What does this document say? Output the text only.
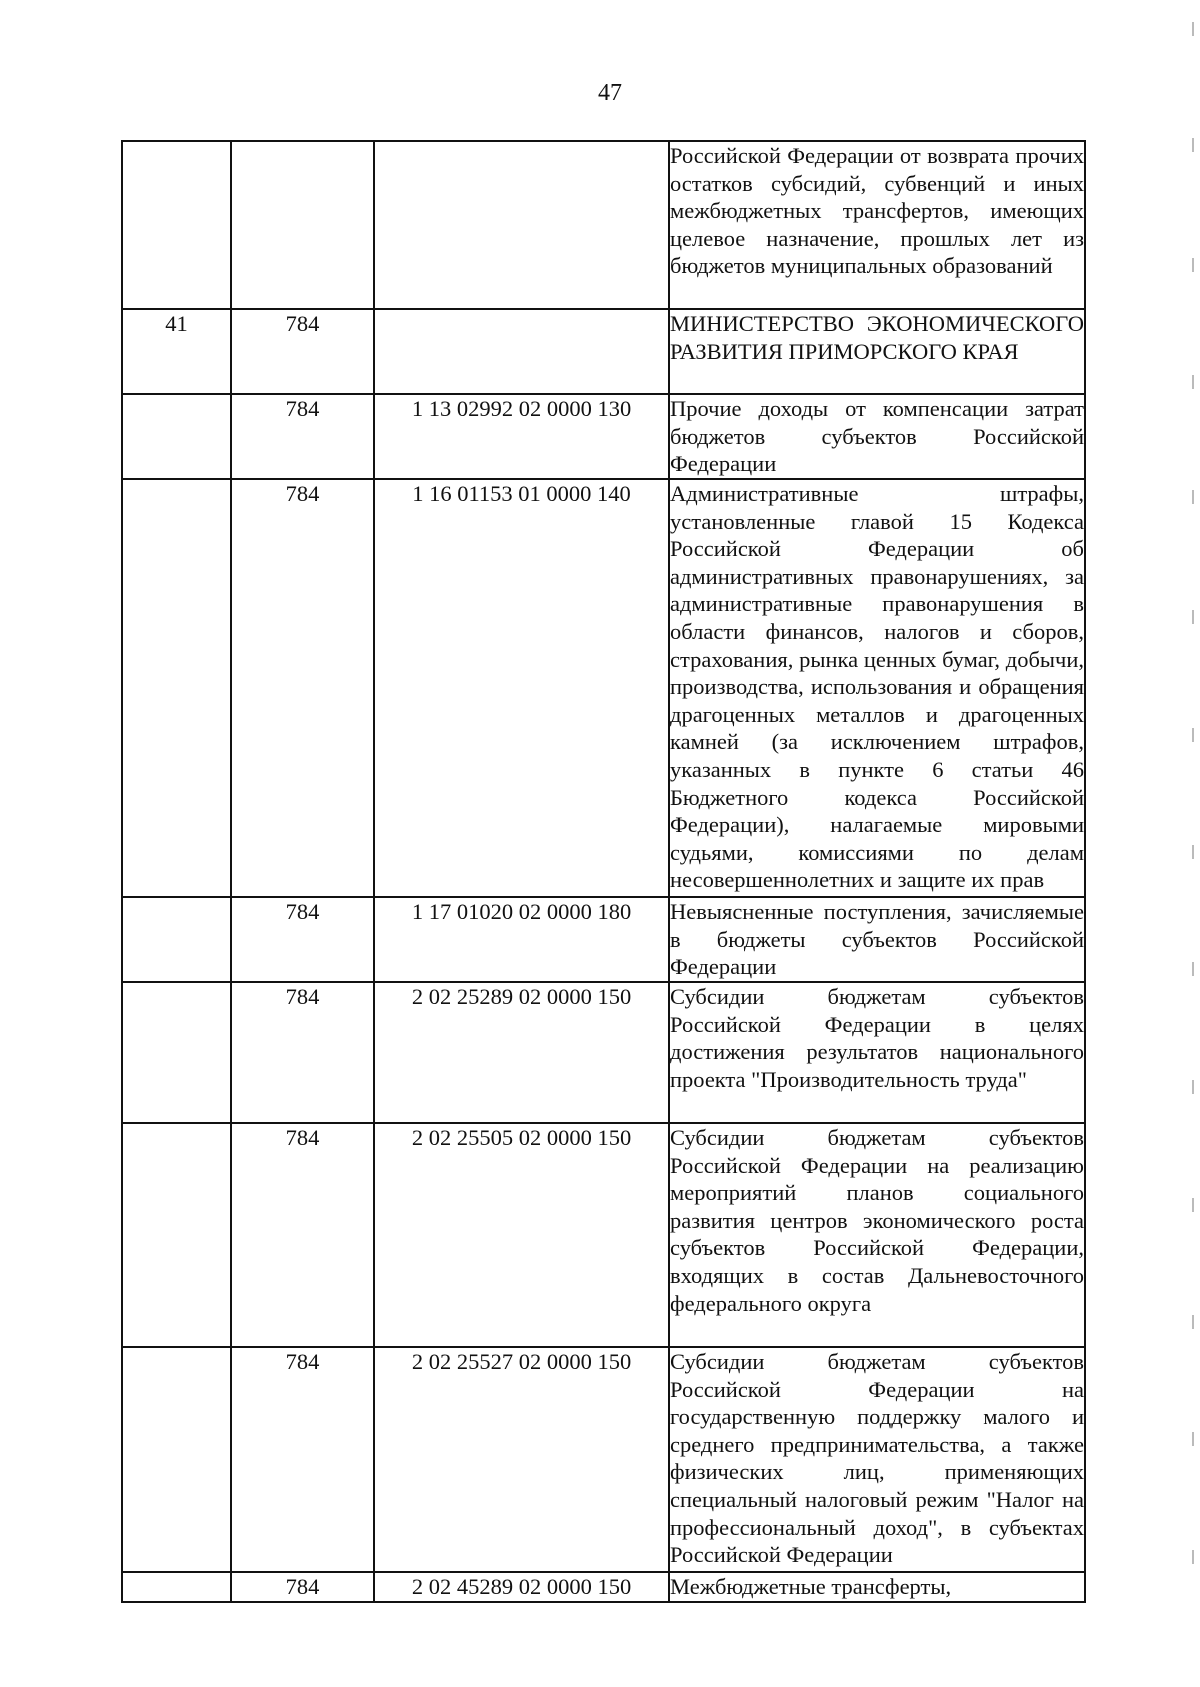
47
			Российской Федерации от возврата прочих остатков субсидий, субвенций и иных межбюджетных трансфертов, имеющих целевое назначение, прошлых лет из бюджетов муниципальных образований
41	784		МИНИСТЕРСТВО ЭКОНОМИЧЕСКОГО РАЗВИТИЯ ПРИМОРСКОГО КРАЯ
	784	1 13 02992 02 0000 130	Прочие доходы от компенсации затрат бюджетов субъектов Российской Федерации
	784	1 16 01153 01 0000 140	Административные штрафы, установленные главой 15 Кодекса Российской Федерации об административных правонарушениях, за административные правонарушения в области финансов, налогов и сборов, страхования, рынка ценных бумаг, добычи, производства, использования и обращения драгоценных металлов и драгоценных камней (за исключением штрафов, указанных в пункте 6 статьи 46 Бюджетного кодекса Российской Федерации), налагаемые мировыми судьями, комиссиями по делам несовершеннолетних и защите их прав
	784	1 17 01020 02 0000 180	Невыясненные поступления, зачисляемые в бюджеты субъектов Российской Федерации
	784	2 02 25289 02 0000 150	Субсидии бюджетам субъектов Российской Федерации в целях достижения результатов национального проекта "Производительность труда"
	784	2 02 25505 02 0000 150	Субсидии бюджетам субъектов Российской Федерации на реализацию мероприятий планов социального развития центров экономического роста субъектов Российской Федерации, входящих в состав Дальневосточного федерального округа
	784	2 02 25527 02 0000 150	Субсидии бюджетам субъектов Российской Федерации на государственную поддержку малого и среднего предпринимательства, а также физических лиц, применяющих специальный налоговый режим "Налог на профессиональный доход", в субъектах Российской Федерации
	784	2 02 45289 02 0000 150	Межбюджетные трансферты,
